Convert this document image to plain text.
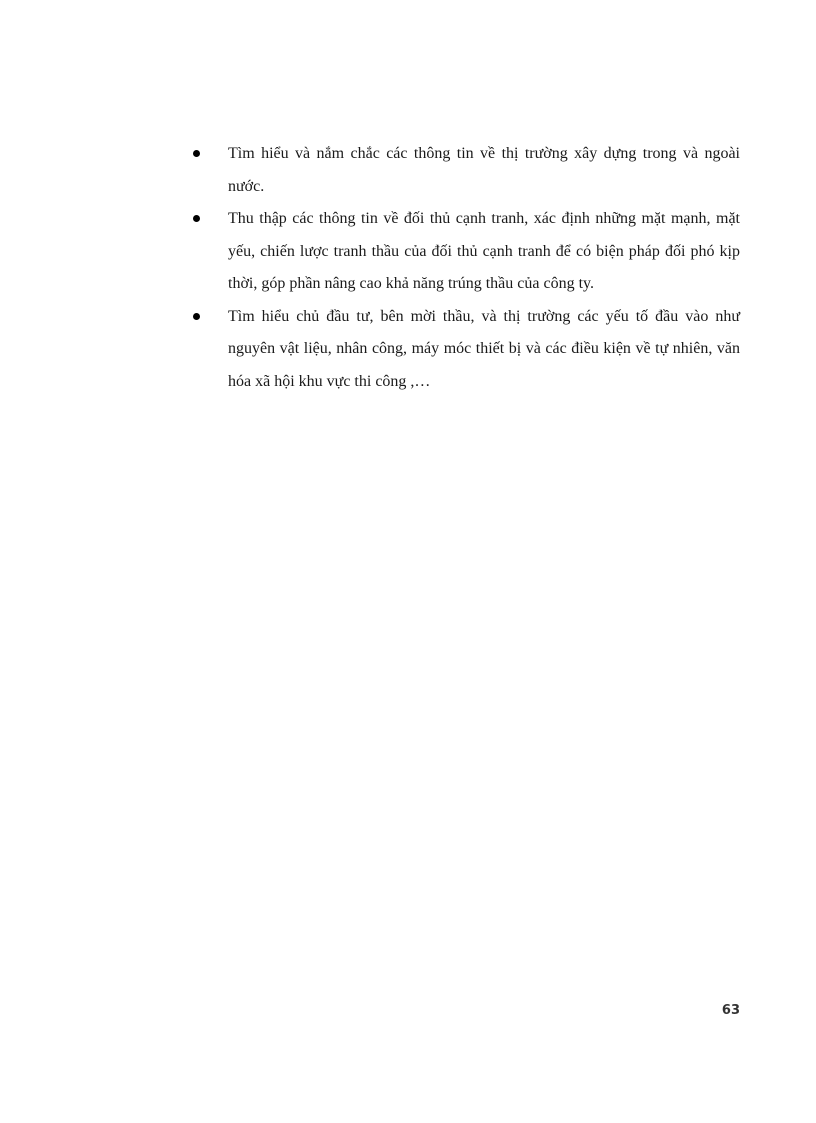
Tìm hiểu và nắm chắc các thông tin về thị trường xây dựng trong và ngoài nước.
Thu thập các thông tin về đối thủ cạnh tranh, xác định những mặt mạnh, mặt yếu, chiến lược tranh thầu của đối thủ cạnh tranh để có biện pháp đối phó kịp thời, góp phần nâng cao khả năng trúng thầu của công ty.
Tìm hiểu chủ đầu tư, bên mời thầu, và thị trường các yếu tố đầu vào như nguyên vật liệu, nhân công, máy móc thiết bị và các điều kiện về tự nhiên, văn hóa xã hội khu vực thi công ,…
63
